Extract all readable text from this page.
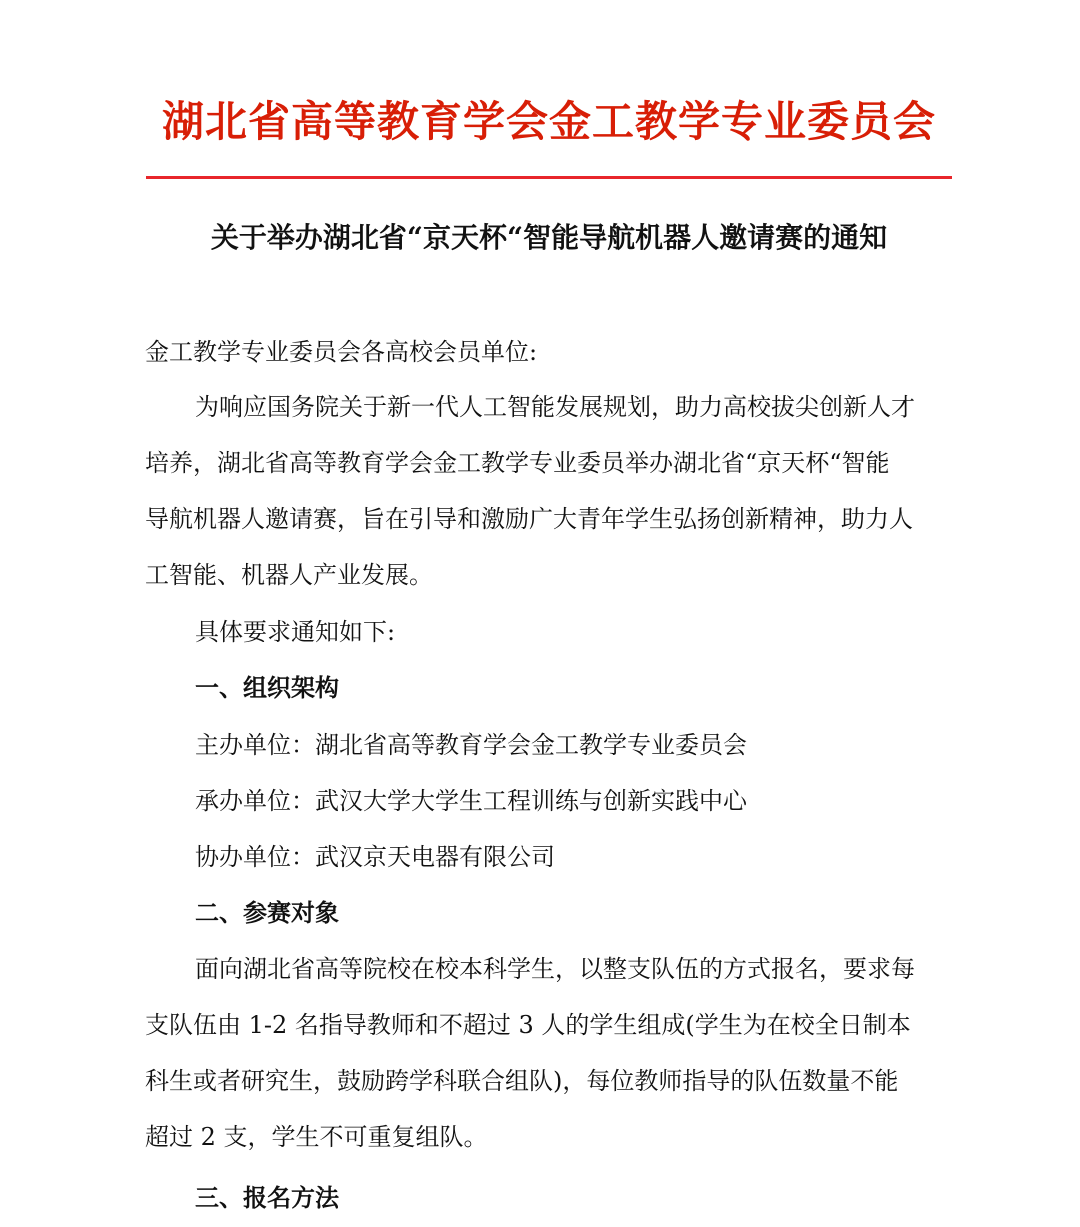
湖北省高等教育学会金工教学专业委员会
关于举办湖北省“京天杯“智能导航机器人邀请赛的通知
金工教学专业委员会各高校会员单位:
为响应国务院关于新一代人工智能发展规划，助力高校拔尖创新人才
培养，湖北省高等教育学会金工教学专业委员举办湖北省“京天杯“智能
导航机器人邀请赛，旨在引导和激励广大青年学生弘扬创新精神，助力人
工智能、机器人产业发展。
具体要求通知如下:
一、组织架构
主办单位：湖北省高等教育学会金工教学专业委员会
承办单位：武汉大学大学生工程训练与创新实践中心
协办单位：武汉京天电器有限公司
二、参赛对象
面向湖北省高等院校在校本科学生，以整支队伍的方式报名，要求每
支队伍由 1-2 名指导教师和不超过 3 人的学生组成(学生为在校全日制本
科生或者研究生，鼓励跨学科联合组队)，每位教师指导的队伍数量不能
超过 2 支，学生不可重复组队。
三、报名方法
